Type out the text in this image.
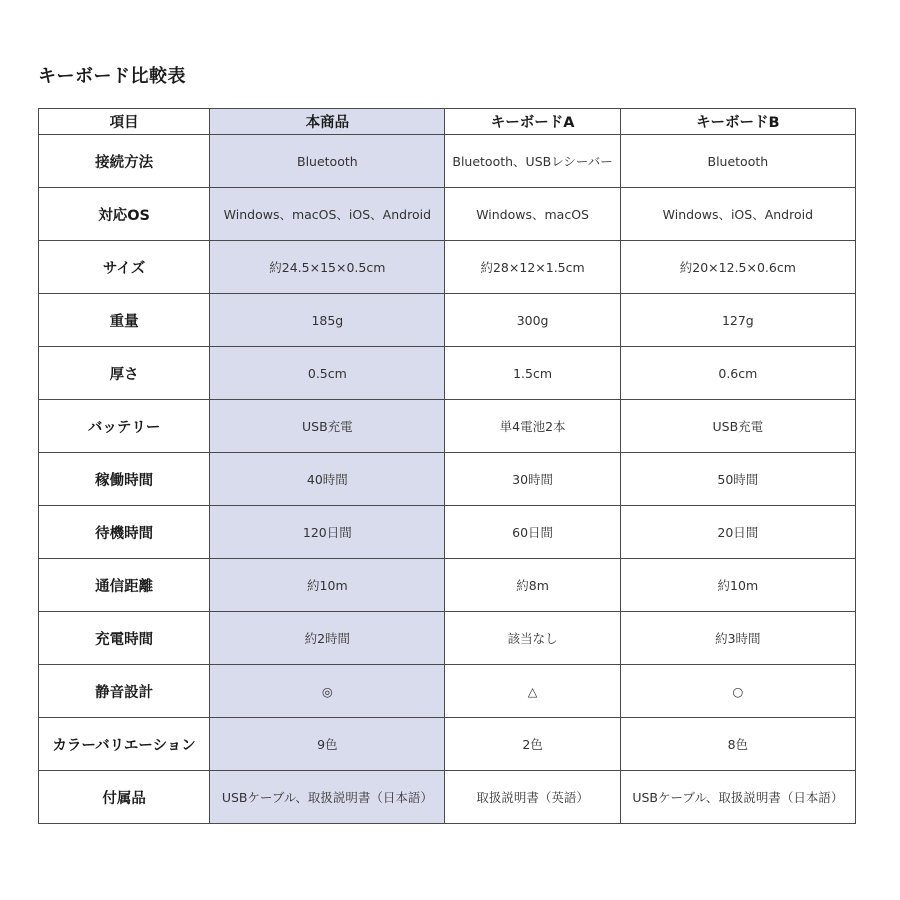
キーボード比較表
項目	本商品	キーボードA	キーボードB
接続方法	Bluetooth	Bluetooth、USBレシーバー	Bluetooth
対応OS	Windows、macOS、iOS、Android	Windows、macOS	Windows、iOS、Android
サイズ	約24.5×15×0.5cm	約28×12×1.5cm	約20×12.5×0.6cm
重量	185g	300g	127g
厚さ	0.5cm	1.5cm	0.6cm
バッテリー	USB充電	単4電池2本	USB充電
稼働時間	40時間	30時間	50時間
待機時間	120日間	60日間	20日間
通信距離	約10m	約8m	約10m
充電時間	約2時間	該当なし	約3時間
静音設計	◎	△	○
カラーバリエーション	9色	2色	8色
付属品	USBケーブル、取扱説明書（日本語）	取扱説明書（英語）	USBケーブル、取扱説明書（日本語）
